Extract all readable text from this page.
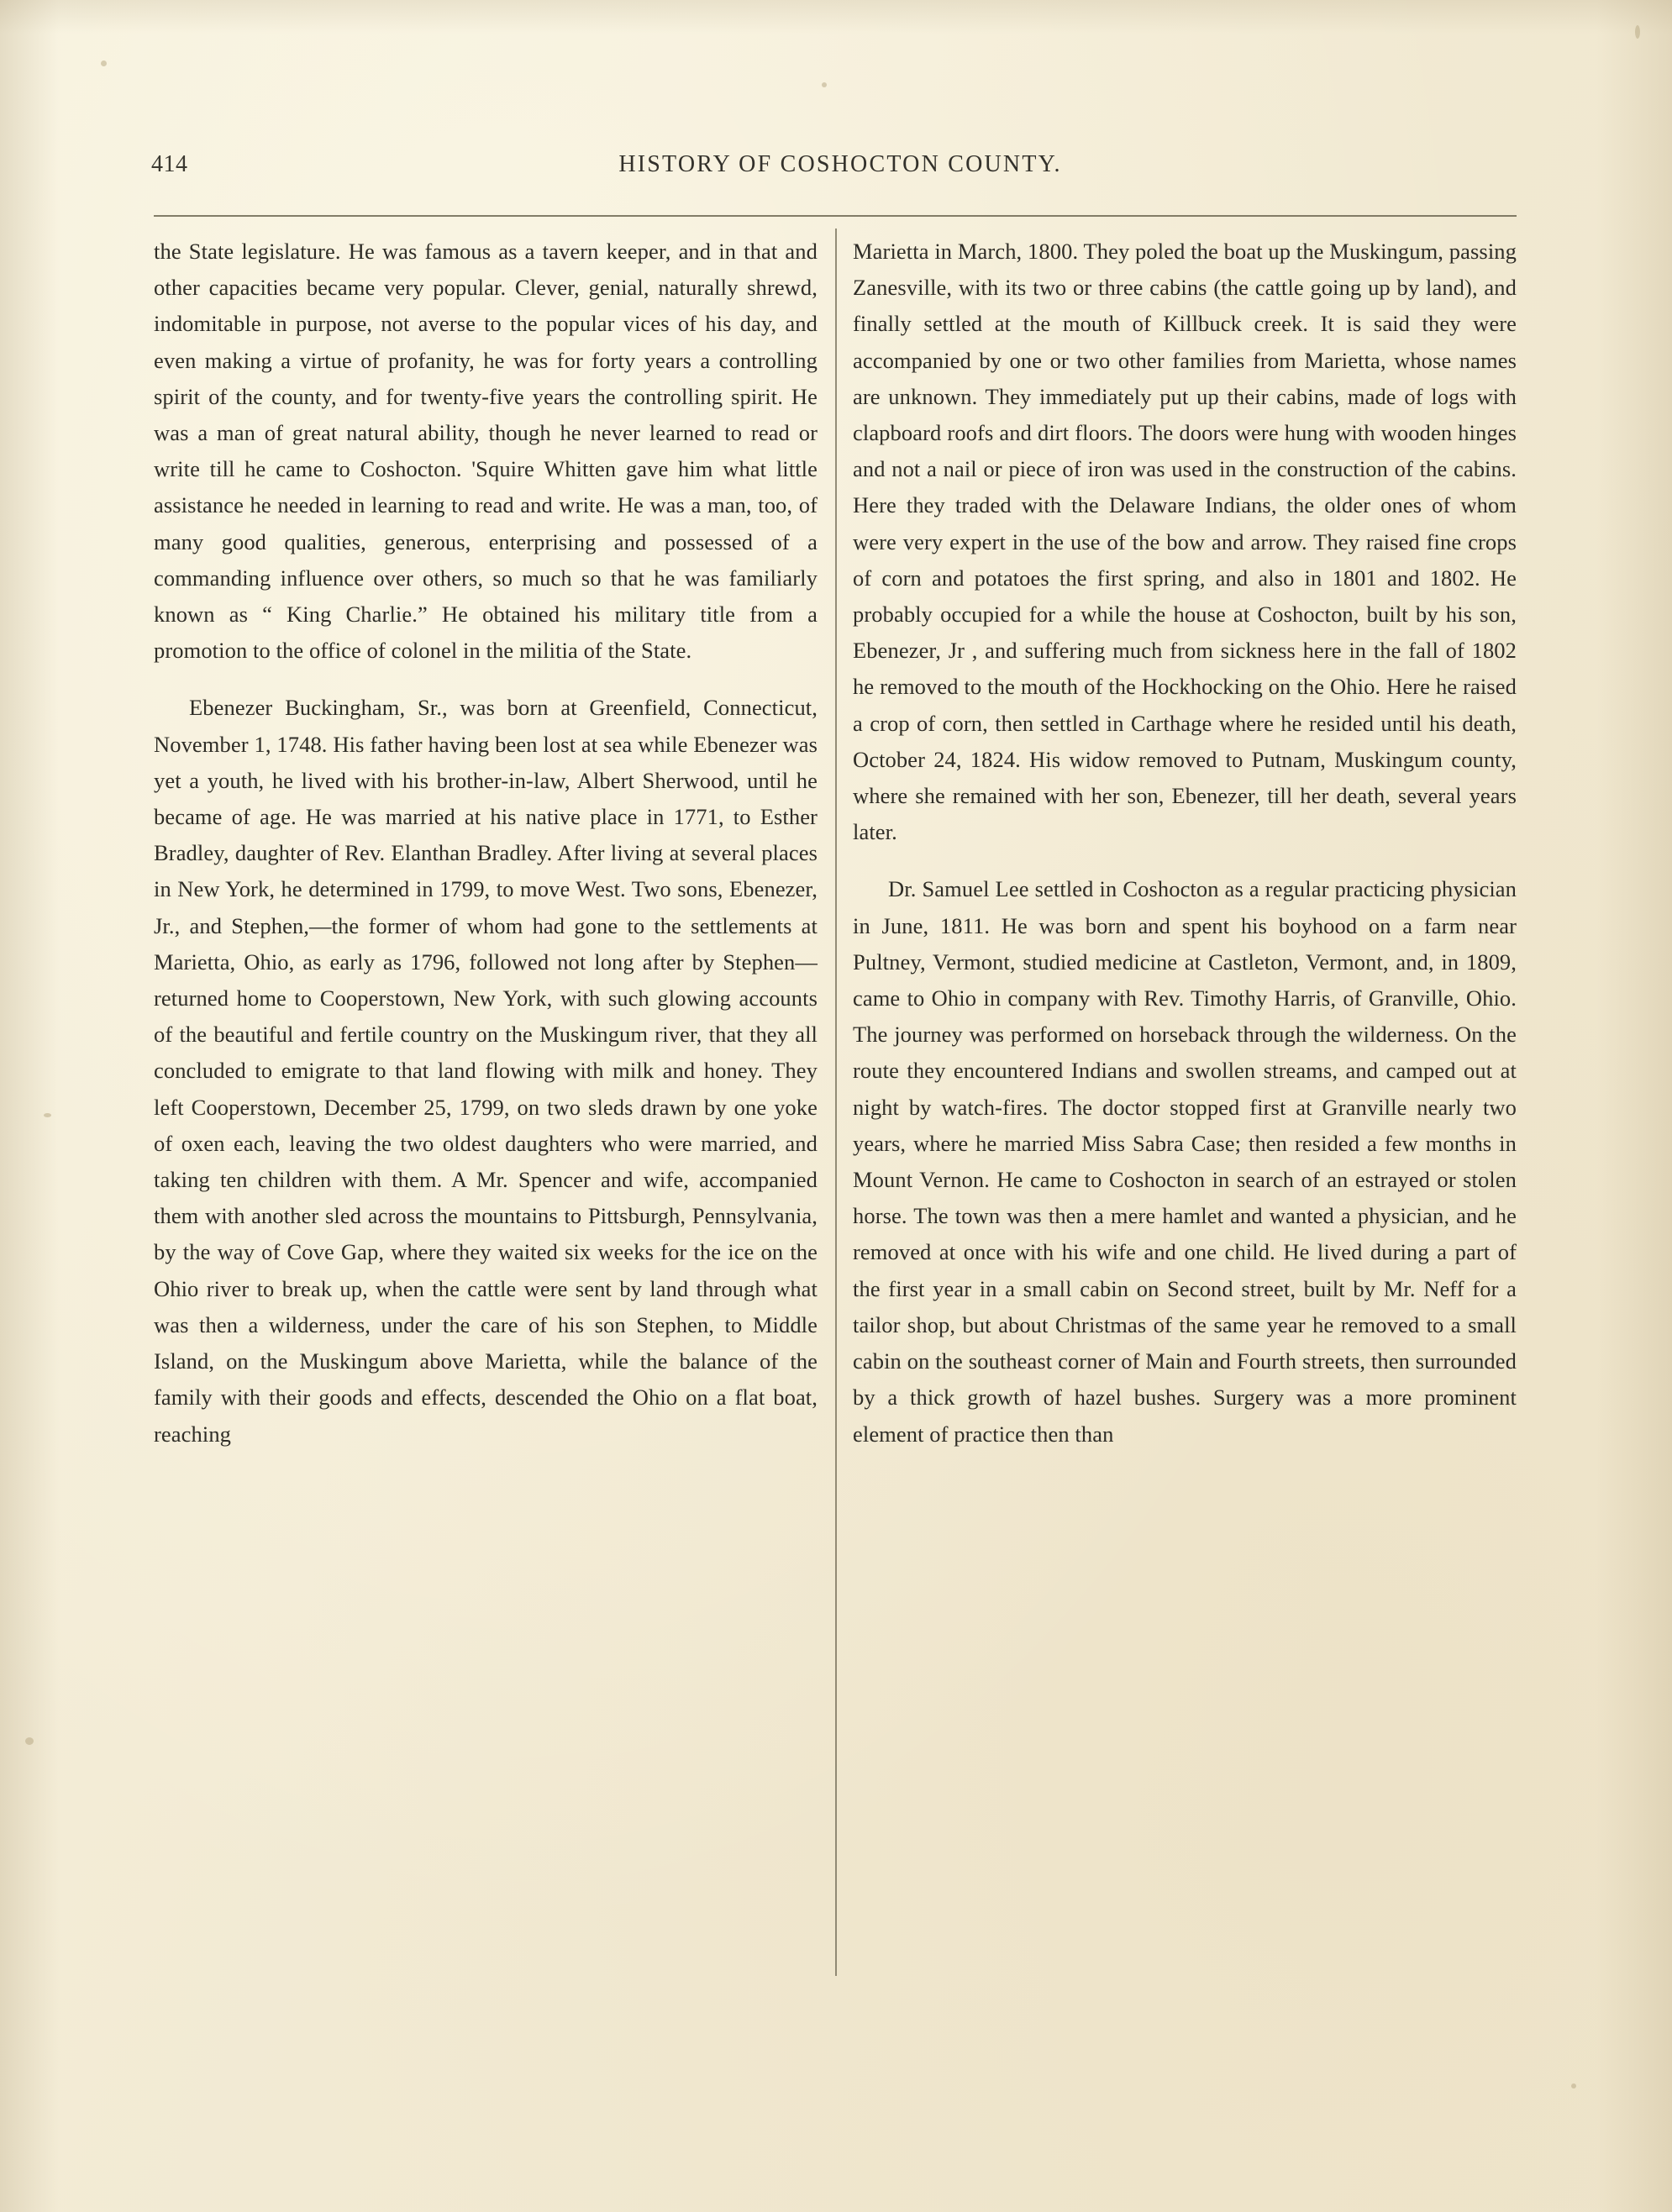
414	HISTORY OF COSHOCTON COUNTY.

the State legislature. He was famous as a tavern keeper, and in that and other capacities became very popular. Clever, genial, naturally shrewd, indomitable in purpose, not averse to the popular vices of his day, and even making a virtue of profanity, he was for forty years a controlling spirit of the county, and for twenty-five years the controlling spirit. He was a man of great natural ability, though he never learned to read or write till he came to Coshocton. 'Squire Whitten gave him what little assistance he needed in learning to read and write. He was a man, too, of many good qualities, generous, enterprising and possessed of a commanding influence over others, so much so that he was familiarly known as “ King Charlie.” He obtained his military title from a promotion to the office of colonel in the militia of the State.

Ebenezer Buckingham, Sr., was born at Greenfield, Connecticut, November 1, 1748. His father having been lost at sea while Ebenezer was yet a youth, he lived with his brother-in-law, Albert Sherwood, until he became of age. He was married at his native place in 1771, to Esther Bradley, daughter of Rev. Elanthan Bradley. After living at several places in New York, he determined in 1799, to move West. Two sons, Ebenezer, Jr., and Stephen,—the former of whom had gone to the settlements at Marietta, Ohio, as early as 1796, followed not long after by Stephen—returned home to Cooperstown, New York, with such glowing accounts of the beautiful and fertile country on the Muskingum river, that they all concluded to emigrate to that land flowing with milk and honey. They left Cooperstown, December 25, 1799, on two sleds drawn by one yoke of oxen each, leaving the two oldest daughters who were married, and taking ten children with them. A Mr. Spencer and wife, accompanied them with another sled across the mountains to Pittsburgh, Pennsylvania, by the way of Cove Gap, where they waited six weeks for the ice on the Ohio river to break up, when the cattle were sent by land through what was then a wilderness, under the care of his son Stephen, to Middle Island, on the Muskingum above Marietta, while the balance of the family with their goods and effects, descended the Ohio on a flat boat, reaching

Marietta in March, 1800. They poled the boat up the Muskingum, passing Zanesville, with its two or three cabins (the cattle going up by land), and finally settled at the mouth of Killbuck creek. It is said they were accompanied by one or two other families from Marietta, whose names are unknown. They immediately put up their cabins, made of logs with clapboard roofs and dirt floors. The doors were hung with wooden hinges and not a nail or piece of iron was used in the construction of the cabins. Here they traded with the Delaware Indians, the older ones of whom were very expert in the use of the bow and arrow. They raised fine crops of corn and potatoes the first spring, and also in 1801 and 1802. He probably occupied for a while the house at Coshocton, built by his son, Ebenezer, Jr , and suffering much from sickness here in the fall of 1802 he removed to the mouth of the Hockhocking on the Ohio. Here he raised a crop of corn, then settled in Carthage where he resided until his death, October 24, 1824. His widow removed to Putnam, Muskingum county, where she remained with her son, Ebenezer, till her death, several years later.

Dr. Samuel Lee settled in Coshocton as a regular practicing physician in June, 1811. He was born and spent his boyhood on a farm near Pultney, Vermont, studied medicine at Castleton, Vermont, and, in 1809, came to Ohio in company with Rev. Timothy Harris, of Granville, Ohio. The journey was performed on horseback through the wilderness. On the route they encountered Indians and swollen streams, and camped out at night by watch-fires. The doctor stopped first at Granville nearly two years, where he married Miss Sabra Case; then resided a few months in Mount Vernon. He came to Coshocton in search of an estrayed or stolen horse. The town was then a mere hamlet and wanted a physician, and he removed at once with his wife and one child. He lived during a part of the first year in a small cabin on Second street, built by Mr. Neff for a tailor shop, but about Christmas of the same year he removed to a small cabin on the southeast corner of Main and Fourth streets, then surrounded by a thick growth of hazel bushes. Surgery was a more prominent element of practice then than
